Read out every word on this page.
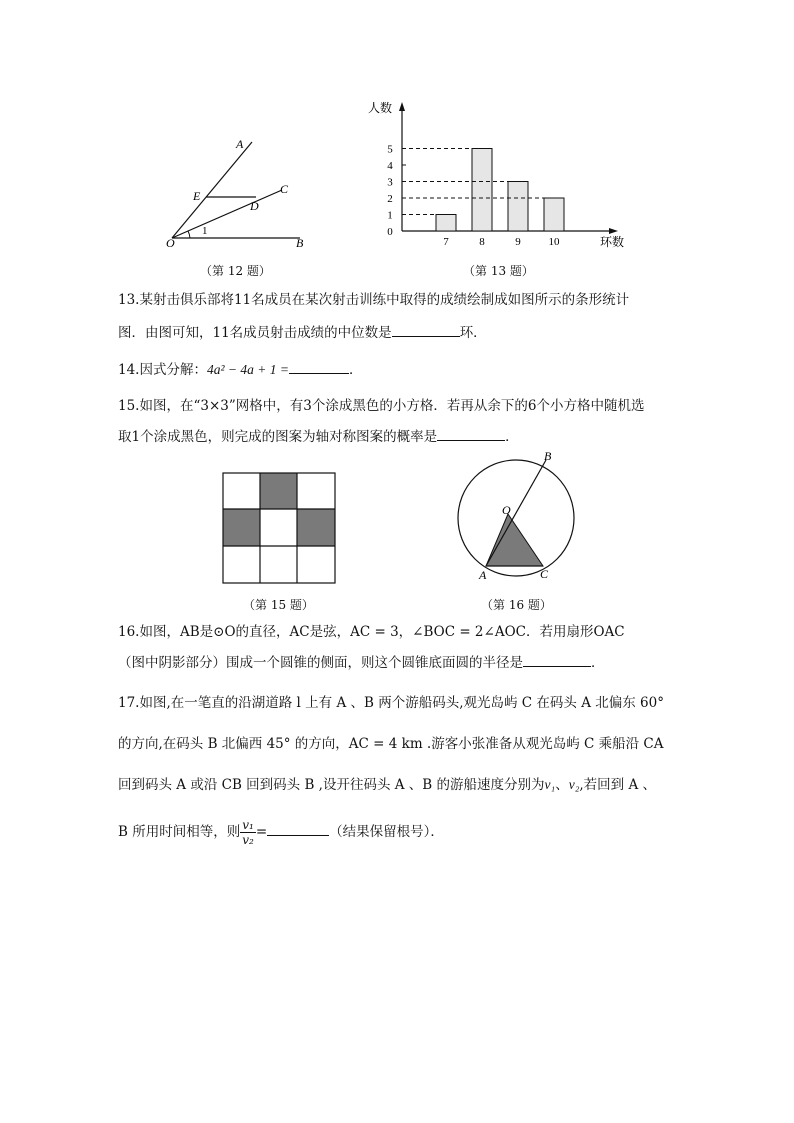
A
C
E
D
O	B
1
（第 12 题）
人数
环数
0
1
2
3
4
5
7	8	9	10
（第 13 题）
13.某射击俱乐部将11名成员在某次射击训练中取得的成绩绘制成如图所示的条形统计
图．由图可知，11名成员射击成绩的中位数是	环．
14.因式分解：4a² − 4a + 1 =	．
15.如图，在“3×3”网格中，有3个涂成黑色的小方格．若再从余下的6个小方格中随机选
取1个涂成黑色，则完成的图案为轴对称图案的概率是	．
（第 15 题）
B
O
A	C
（第 16 题）
16.如图，AB是⊙O的直径，AC是弦，AC = 3，∠BOC = 2∠AOC．若用扇形OAC
（图中阴影部分）围成一个圆锥的侧面，则这个圆锥底面圆的半径是	．
17.如图,在一笔直的沿湖道路 l 上有 A 、B 两个游船码头,观光岛屿 C 在码头 A 北偏东 60°
的方向,在码头 B 北偏西 45° 的方向，AC = 4 km .游客小张准备从观光岛屿 C 乘船沿 CA
回到码头 A 或沿 CB 回到码头 B ,设开往码头 A 、B 的游船速度分别为v₁、v₂,若回到 A 、
B 所用时间相等，则 $\frac{\text{v₁}}{\text{v₂}}$ =	（结果保留根号）．
